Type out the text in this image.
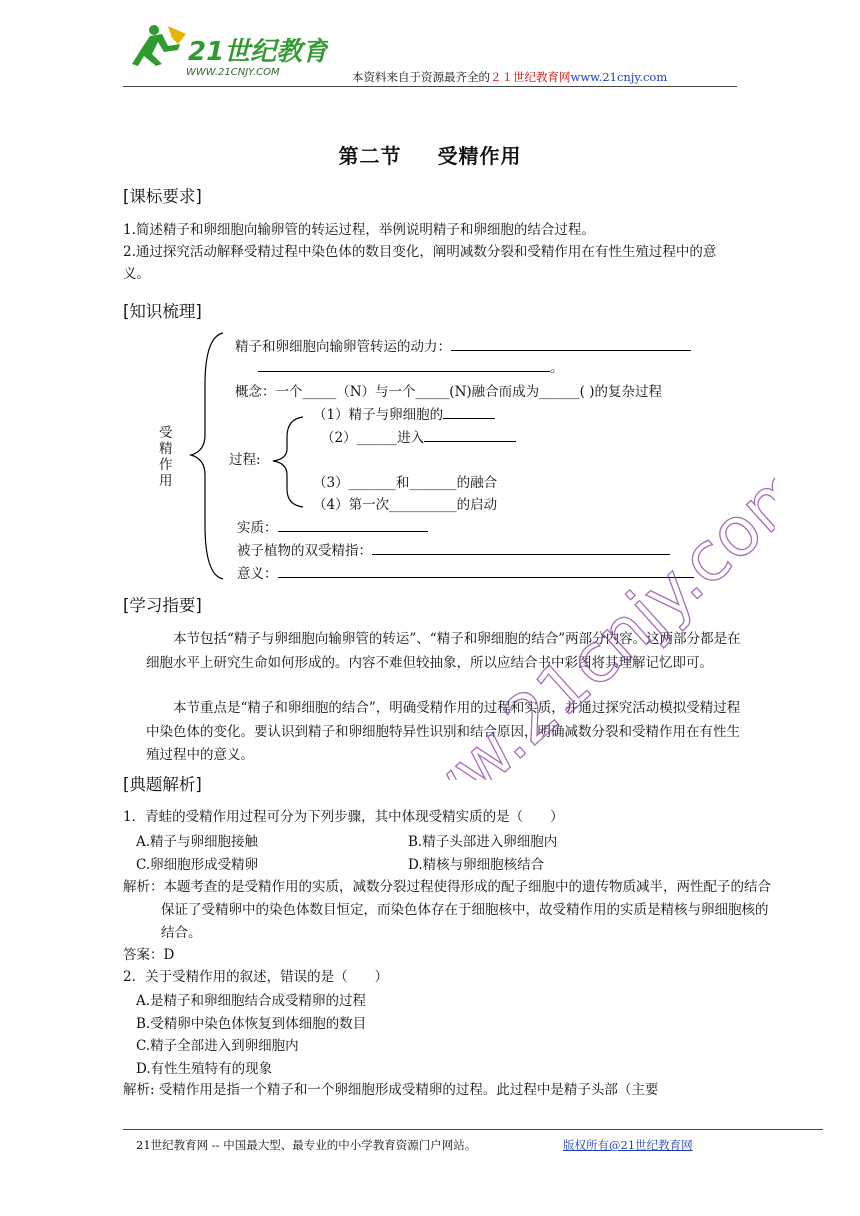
21世纪教育
WWW.21CNJY.COM	本资料来自于资源最齐全的２１世纪教育网www.21cnjy.com
第二节 受精作用
[课标要求]
1.简述精子和卵细胞向输卵管的转运过程，举例说明精子和卵细胞的结合过程。
2.通过探究活动解释受精过程中染色体的数目变化，阐明减数分裂和受精作用在有性生殖过程中的意义。
[知识梳理]
受精作用
精子和卵细胞向输卵管转运的动力：
。
概念：一个_____（N）与一个_____(N)融合而成为______( )的复杂过程
（1）精子与卵细胞的
（2）______进入
过程:
（3）_______和_______的融合
（4）第一次__________的启动
实质：
被子植物的双受精指：
意义：
[学习指要]
本节包括“精子与卵细胞向输卵管的转运”、“精子和卵细胞的结合”两部分内容。这两部分都是在细胞水平上研究生命如何形成的。内容不难但较抽象，所以应结合书中彩图将其理解记忆即可。
本节重点是“精子和卵细胞的结合”，明确受精作用的过程和实质，并通过探究活动模拟受精过程中染色体的变化。要认识到精子和卵细胞特异性识别和结合原因，明确减数分裂和受精作用在有性生殖过程中的意义。
[典题解析]
1．青蛙的受精作用过程可分为下列步骤，其中体现受精实质的是（　　）
A.精子与卵细胞接触	B.精子头部进入卵细胞内
C.卵细胞形成受精卵	D.精核与卵细胞核结合
解析：本题考查的是受精作用的实质，减数分裂过程使得形成的配子细胞中的遗传物质减半，两性配子的结合保证了受精卵中的染色体数目恒定，而染色体存在于细胞核中，故受精作用的实质是精核与卵细胞核的结合。
答案：D
2．关于受精作用的叙述，错误的是（　　）
A.是精子和卵细胞结合成受精卵的过程
B.受精卵中染色体恢复到体细胞的数目
C.精子全部进入到卵细胞内
D.有性生殖特有的现象
解析: 受精作用是指一个精子和一个卵细胞形成受精卵的过程。此过程中是精子头部（主要
www.21cnjy.com
21世纪教育网 -- 中国最大型、最专业的中小学教育资源门户网站。	版权所有@21世纪教育网
